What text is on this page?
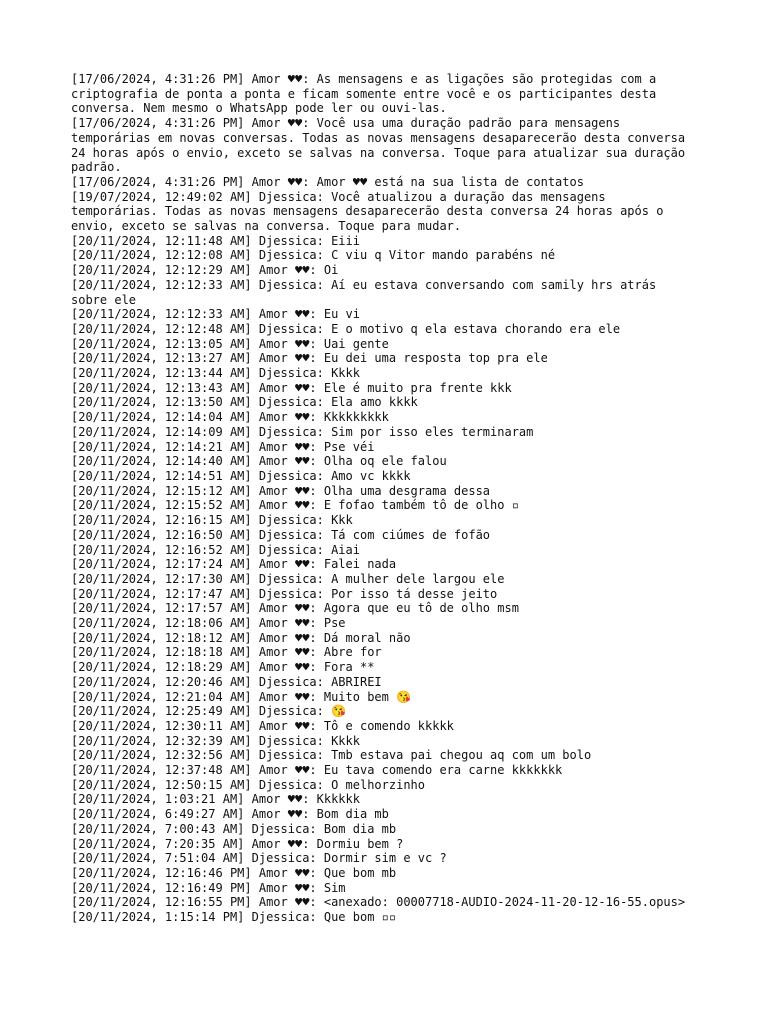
[17/06/2024, 4:31:26 PM] Amor ♥♥: As mensagens e as ligações são protegidas com a criptografia de ponta a ponta e ficam somente entre você e os participantes desta conversa. Nem mesmo o WhatsApp pode ler ou ouvi-las.
[17/06/2024, 4:31:26 PM] Amor ♥♥: Você usa uma duração padrão para mensagens temporárias em novas conversas. Todas as novas mensagens desaparecerão desta conversa 24 horas após o envio, exceto se salvas na conversa. Toque para atualizar sua duração padrão.
[17/06/2024, 4:31:26 PM] Amor ♥♥: Amor ♥♥ está na sua lista de contatos
[19/07/2024, 12:49:02 AM] Djessica: Você atualizou a duração das mensagens temporárias. Todas as novas mensagens desaparecerão desta conversa 24 horas após o envio, exceto se salvas na conversa. Toque para mudar.
[20/11/2024, 12:11:48 AM] Djessica: Eiii
[20/11/2024, 12:12:08 AM] Djessica: C viu q Vitor mando parabéns né
[20/11/2024, 12:12:29 AM] Amor ♥♥: Oi
[20/11/2024, 12:12:33 AM] Djessica: Aí eu estava conversando com samily hrs atrás sobre ele
[20/11/2024, 12:12:33 AM] Amor ♥♥: Eu vi
[20/11/2024, 12:12:48 AM] Djessica: E o motivo q ela estava chorando era ele
[20/11/2024, 12:13:05 AM] Amor ♥♥: Uai gente
[20/11/2024, 12:13:27 AM] Amor ♥♥: Eu dei uma resposta top pra ele
[20/11/2024, 12:13:44 AM] Djessica: Kkkk
[20/11/2024, 12:13:43 AM] Amor ♥♥: Ele é muito pra frente kkk
[20/11/2024, 12:13:50 AM] Djessica: Ela amo kkkk
[20/11/2024, 12:14:04 AM] Amor ♥♥: Kkkkkkkkk
[20/11/2024, 12:14:09 AM] Djessica: Sim por isso eles terminaram
[20/11/2024, 12:14:21 AM] Amor ♥♥: Pse véi
[20/11/2024, 12:14:40 AM] Amor ♥♥: Olha oq ele falou
[20/11/2024, 12:14:51 AM] Djessica: Amo vc kkkk
[20/11/2024, 12:15:12 AM] Amor ♥♥: Olha uma desgrama dessa
[20/11/2024, 12:15:52 AM] Amor ♥♥: E fofao também tô de olho ▫
[20/11/2024, 12:16:15 AM] Djessica: Kkk
[20/11/2024, 12:16:50 AM] Djessica: Tá com ciúmes de fofão
[20/11/2024, 12:16:52 AM] Djessica: Aiai
[20/11/2024, 12:17:24 AM] Amor ♥♥: Falei nada
[20/11/2024, 12:17:30 AM] Djessica: A mulher dele largou ele
[20/11/2024, 12:17:47 AM] Djessica: Por isso tá desse jeito
[20/11/2024, 12:17:57 AM] Amor ♥♥: Agora que eu tô de olho msm
[20/11/2024, 12:18:06 AM] Amor ♥♥: Pse
[20/11/2024, 12:18:12 AM] Amor ♥♥: Dá moral não
[20/11/2024, 12:18:18 AM] Amor ♥♥: Abre for
[20/11/2024, 12:18:29 AM] Amor ♥♥: Fora **
[20/11/2024, 12:20:46 AM] Djessica: ABRIREI
[20/11/2024, 12:21:04 AM] Amor ♥♥: Muito bem 😘
[20/11/2024, 12:25:49 AM] Djessica: 😘
[20/11/2024, 12:30:11 AM] Amor ♥♥: Tô e comendo kkkkk
[20/11/2024, 12:32:39 AM] Djessica: Kkkk
[20/11/2024, 12:32:56 AM] Djessica: Tmb estava pai chegou aq com um bolo
[20/11/2024, 12:37:48 AM] Amor ♥♥: Eu tava comendo era carne kkkkkkk
[20/11/2024, 12:50:15 AM] Djessica: O melhorzinho
[20/11/2024, 1:03:21 AM] Amor ♥♥: Kkkkkk
[20/11/2024, 6:49:27 AM] Amor ♥♥: Bom dia mb
[20/11/2024, 7:00:43 AM] Djessica: Bom dia mb
[20/11/2024, 7:20:35 AM] Amor ♥♥: Dormiu bem ?
[20/11/2024, 7:51:04 AM] Djessica: Dormir sim e vc ?
[20/11/2024, 12:16:46 PM] Amor ♥♥: Que bom mb
[20/11/2024, 12:16:49 PM] Amor ♥♥: Sim
[20/11/2024, 12:16:55 PM] Amor ♥♥: <anexado: 00007718-AUDIO-2024-11-20-12-16-55.opus>
[20/11/2024, 1:15:14 PM] Djessica: Que bom ▫▫
